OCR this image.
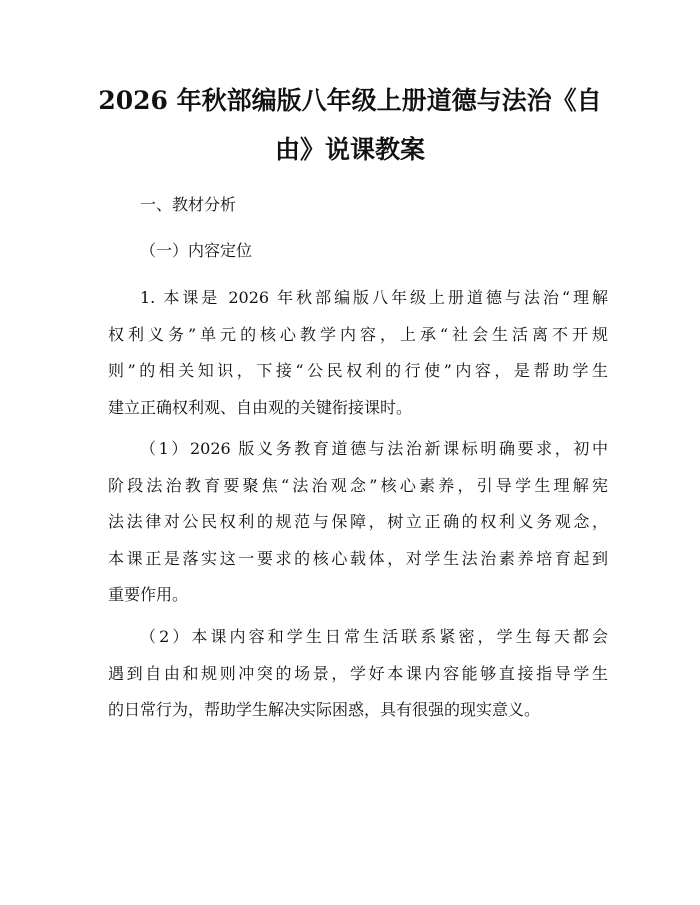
2026 年秋部编版八年级上册道德与法治《自
由》说课教案
一、教材分析
（一）内容定位
1. 本课是 2026 年秋部编版八年级上册道德与法治“理解
权利义务”单元的核心教学内容，上承“社会生活离不开规
则”的相关知识，下接“公民权利的行使”内容，是帮助学生
建立正确权利观、自由观的关键衔接课时。
（1）2026 版义务教育道德与法治新课标明确要求，初中
阶段法治教育要聚焦“法治观念”核心素养，引导学生理解宪
法法律对公民权利的规范与保障，树立正确的权利义务观念，
本课正是落实这一要求的核心载体，对学生法治素养培育起到
重要作用。
（2）本课内容和学生日常生活联系紧密，学生每天都会
遇到自由和规则冲突的场景，学好本课内容能够直接指导学生
的日常行为，帮助学生解决实际困惑，具有很强的现实意义。
